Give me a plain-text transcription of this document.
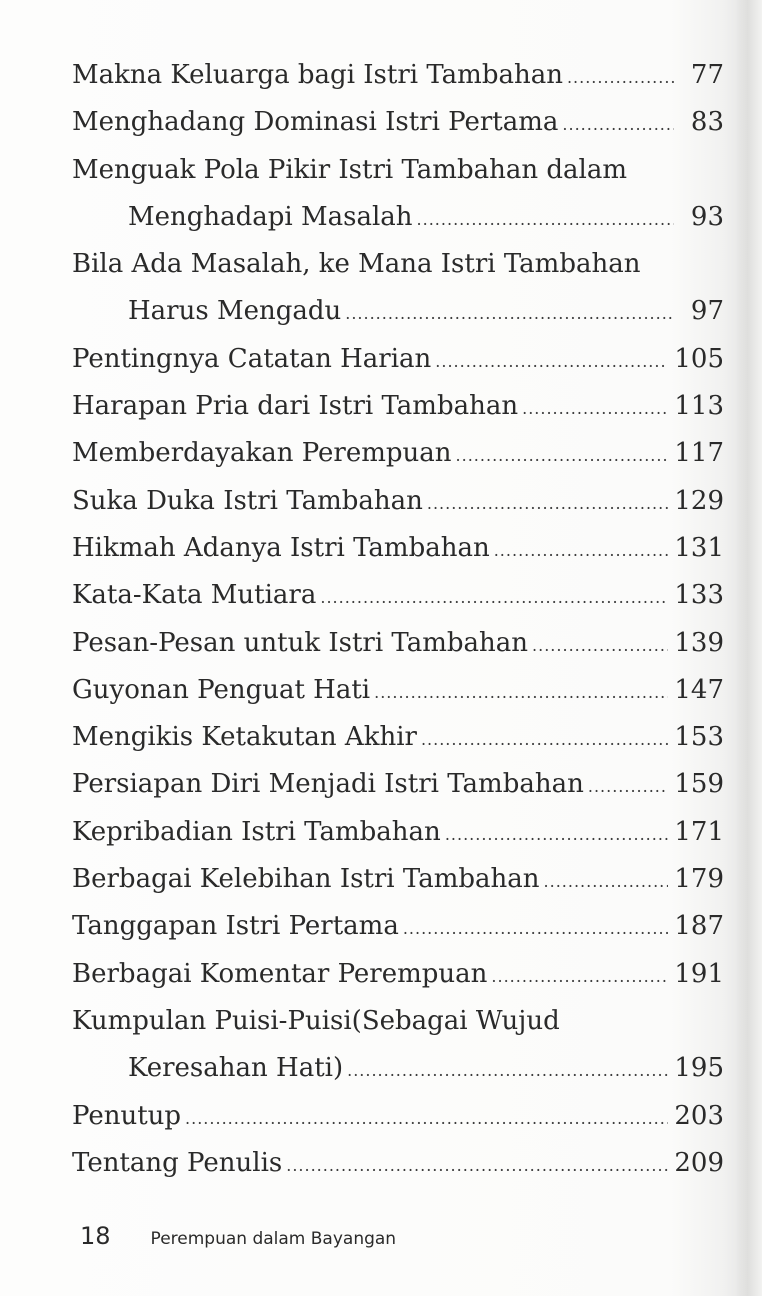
Makna Keluarga bagi Istri Tambahan .....	77
Menghadang Dominasi Istri Pertama .....	83
Menguak Pola Pikir Istri Tambahan dalam
Menghadapi Masalah .....	93
Bila Ada Masalah, ke Mana Istri Tambahan
Harus Mengadu .....	97
Pentingnya Catatan Harian .....	105
Harapan Pria dari Istri Tambahan .....	113
Memberdayakan Perempuan .....	117
Suka Duka Istri Tambahan .....	129
Hikmah Adanya Istri Tambahan .....	131
Kata-Kata Mutiara .....	133
Pesan-Pesan untuk Istri Tambahan .....	139
Guyonan Penguat Hati .....	147
Mengikis Ketakutan Akhir .....	153
Persiapan Diri Menjadi Istri Tambahan .....	159
Kepribadian Istri Tambahan .....	171
Berbagai Kelebihan Istri Tambahan .....	179
Tanggapan Istri Pertama .....	187
Berbagai Komentar Perempuan .....	191
Kumpulan Puisi-Puisi(Sebagai Wujud
Keresahan Hati) .....	195
Penutup .....	203
Tentang Penulis .....	209
18 Perempuan dalam Bayangan
